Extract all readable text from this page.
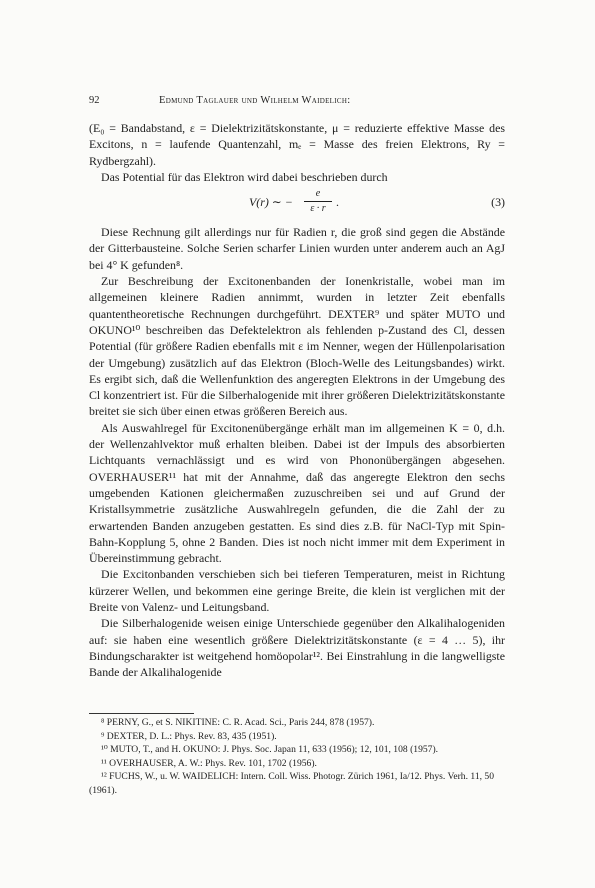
92	Edmund Taglauer und Wilhelm Waidelich:

(E₀ = Bandabstand, ε = Dielektrizitätskonstante, μ = reduzierte effektive Masse des Excitons, n = laufende Quantenzahl, mₑ = Masse des freien Elektrons, Ry = Rydbergzahl).

Das Potential für das Elektron wird dabei beschrieben durch

V(r) ∼ − $\frac{e}{\varepsilon \cdot r}$ .	(3)

Diese Rechnung gilt allerdings nur für Radien r, die groß sind gegen die Abstände der Gitterbausteine. Solche Serien scharfer Linien wurden unter anderem auch an AgJ bei 4° K gefunden⁸.

Zur Beschreibung der Excitonenbanden der Ionenkristalle, wobei man im allgemeinen kleinere Radien annimmt, wurden in letzter Zeit ebenfalls quantentheoretische Rechnungen durchgeführt. DEXTER⁹ und später MUTO und OKUNO¹⁰ beschreiben das Defektelektron als fehlenden p-Zustand des Cl, dessen Potential (für größere Radien ebenfalls mit ε im Nenner, wegen der Hüllenpolarisation der Umgebung) zusätzlich auf das Elektron (Bloch-Welle des Leitungsbandes) wirkt. Es ergibt sich, daß die Wellenfunktion des angeregten Elektrons in der Umgebung des Cl konzentriert ist. Für die Silberhalogenide mit ihrer größeren Dielektrizitätskonstante breitet sie sich über einen etwas größeren Bereich aus.

Als Auswahlregel für Excitonenübergänge erhält man im allgemeinen K = 0, d.h. der Wellenzahlvektor muß erhalten bleiben. Dabei ist der Impuls des absorbierten Lichtquants vernachlässigt und es wird von Phononübergängen abgesehen. OVERHAUSER¹¹ hat mit der Annahme, daß das angeregte Elektron den sechs umgebenden Kationen gleichermaßen zuzuschreiben sei und auf Grund der Kristallsymmetrie zusätzliche Auswahlregeln gefunden, die die Zahl der zu erwartenden Banden anzugeben gestatten. Es sind dies z.B. für NaCl-Typ mit Spin-Bahn-Kopplung 5, ohne 2 Banden. Dies ist noch nicht immer mit dem Experiment in Übereinstimmung gebracht.

Die Excitonbanden verschieben sich bei tieferen Temperaturen, meist in Richtung kürzerer Wellen, und bekommen eine geringe Breite, die klein ist verglichen mit der Breite von Valenz- und Leitungsband.

Die Silberhalogenide weisen einige Unterschiede gegenüber den Alkalihalogeniden auf: sie haben eine wesentlich größere Dielektrizitätskonstante (ε = 4 … 5), ihr Bindungscharakter ist weitgehend homöopolar¹². Bei Einstrahlung in die langwelligste Bande der Alkalihalogenide

⁸ PERNY, G., et S. NIKITINE: C. R. Acad. Sci., Paris 244, 878 (1957).

⁹ DEXTER, D. L.: Phys. Rev. 83, 435 (1951).

¹⁰ MUTO, T., and H. OKUNO: J. Phys. Soc. Japan 11, 633 (1956); 12, 101, 108 (1957).

¹¹ OVERHAUSER, A. W.: Phys. Rev. 101, 1702 (1956).

¹² FUCHS, W., u. W. WAIDELICH: Intern. Coll. Wiss. Photogr. Zürich 1961, Ia/12. Phys. Verh. 11, 50 (1961).
